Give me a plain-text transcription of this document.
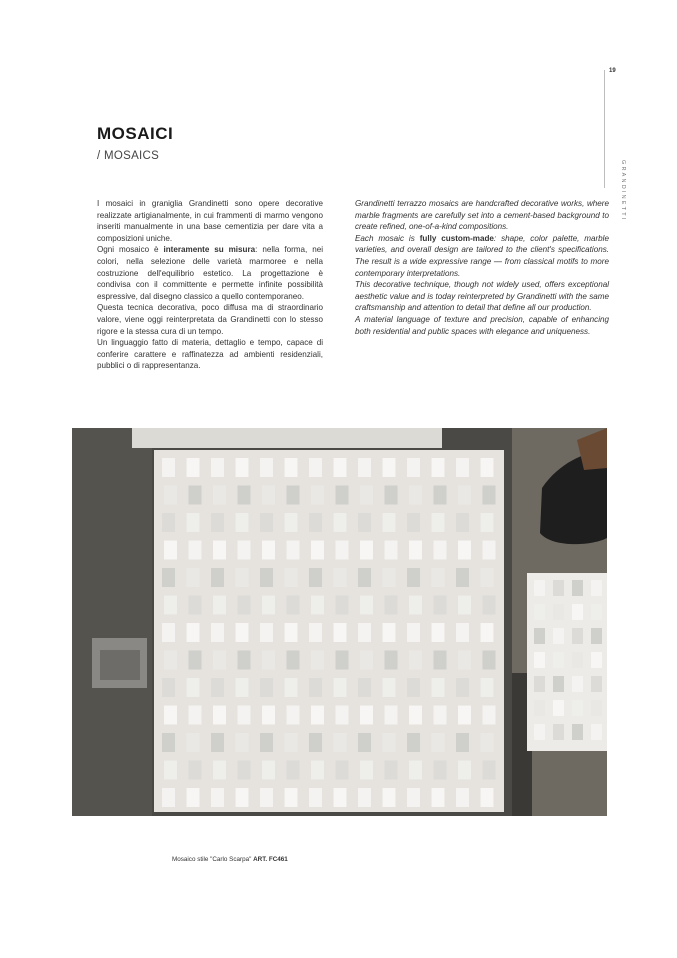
19
GRANDINETTI
MOSAICI
/ MOSAICS

I mosaici in graniglia Grandinetti sono opere decorative realizzate artigianalmente, in cui frammenti di marmo vengono inseriti manualmente in una base cementizia per dare vita a composizioni uniche.

Ogni mosaico è interamente su misura: nella forma, nei colori, nella selezione delle varietà marmoree e nella costruzione dell'equilibrio estetico. La progettazione è condivisa con il committente e permette infinite possibilità espressive, dal disegno classico a quello contemporaneo.

Questa tecnica decorativa, poco diffusa ma di straordinario valore, viene oggi reinterpretata da Grandinetti con lo stesso rigore e la stessa cura di un tempo.

Un linguaggio fatto di materia, dettaglio e tempo, capace di conferire carattere e raffinatezza ad ambienti residenziali, pubblici o di rappresentanza.

Grandinetti terrazzo mosaics are handcrafted decorative works, where marble fragments are carefully set into a cement-based background to create refined, one-of-a-kind compositions.

Each mosaic is fully custom-made: shape, color palette, marble varieties, and overall design are tailored to the client's specifications. The result is a wide expressive range — from classical motifs to more contemporary interpretations.

This decorative technique, though not widely used, offers exceptional aesthetic value and is today reinterpreted by Grandinetti with the same craftsmanship and attention to detail that define all our production.

A material language of texture and precision, capable of enhancing both residential and public spaces with elegance and uniqueness.

Mosaico stile "Carlo Scarpa" ART. FC461
